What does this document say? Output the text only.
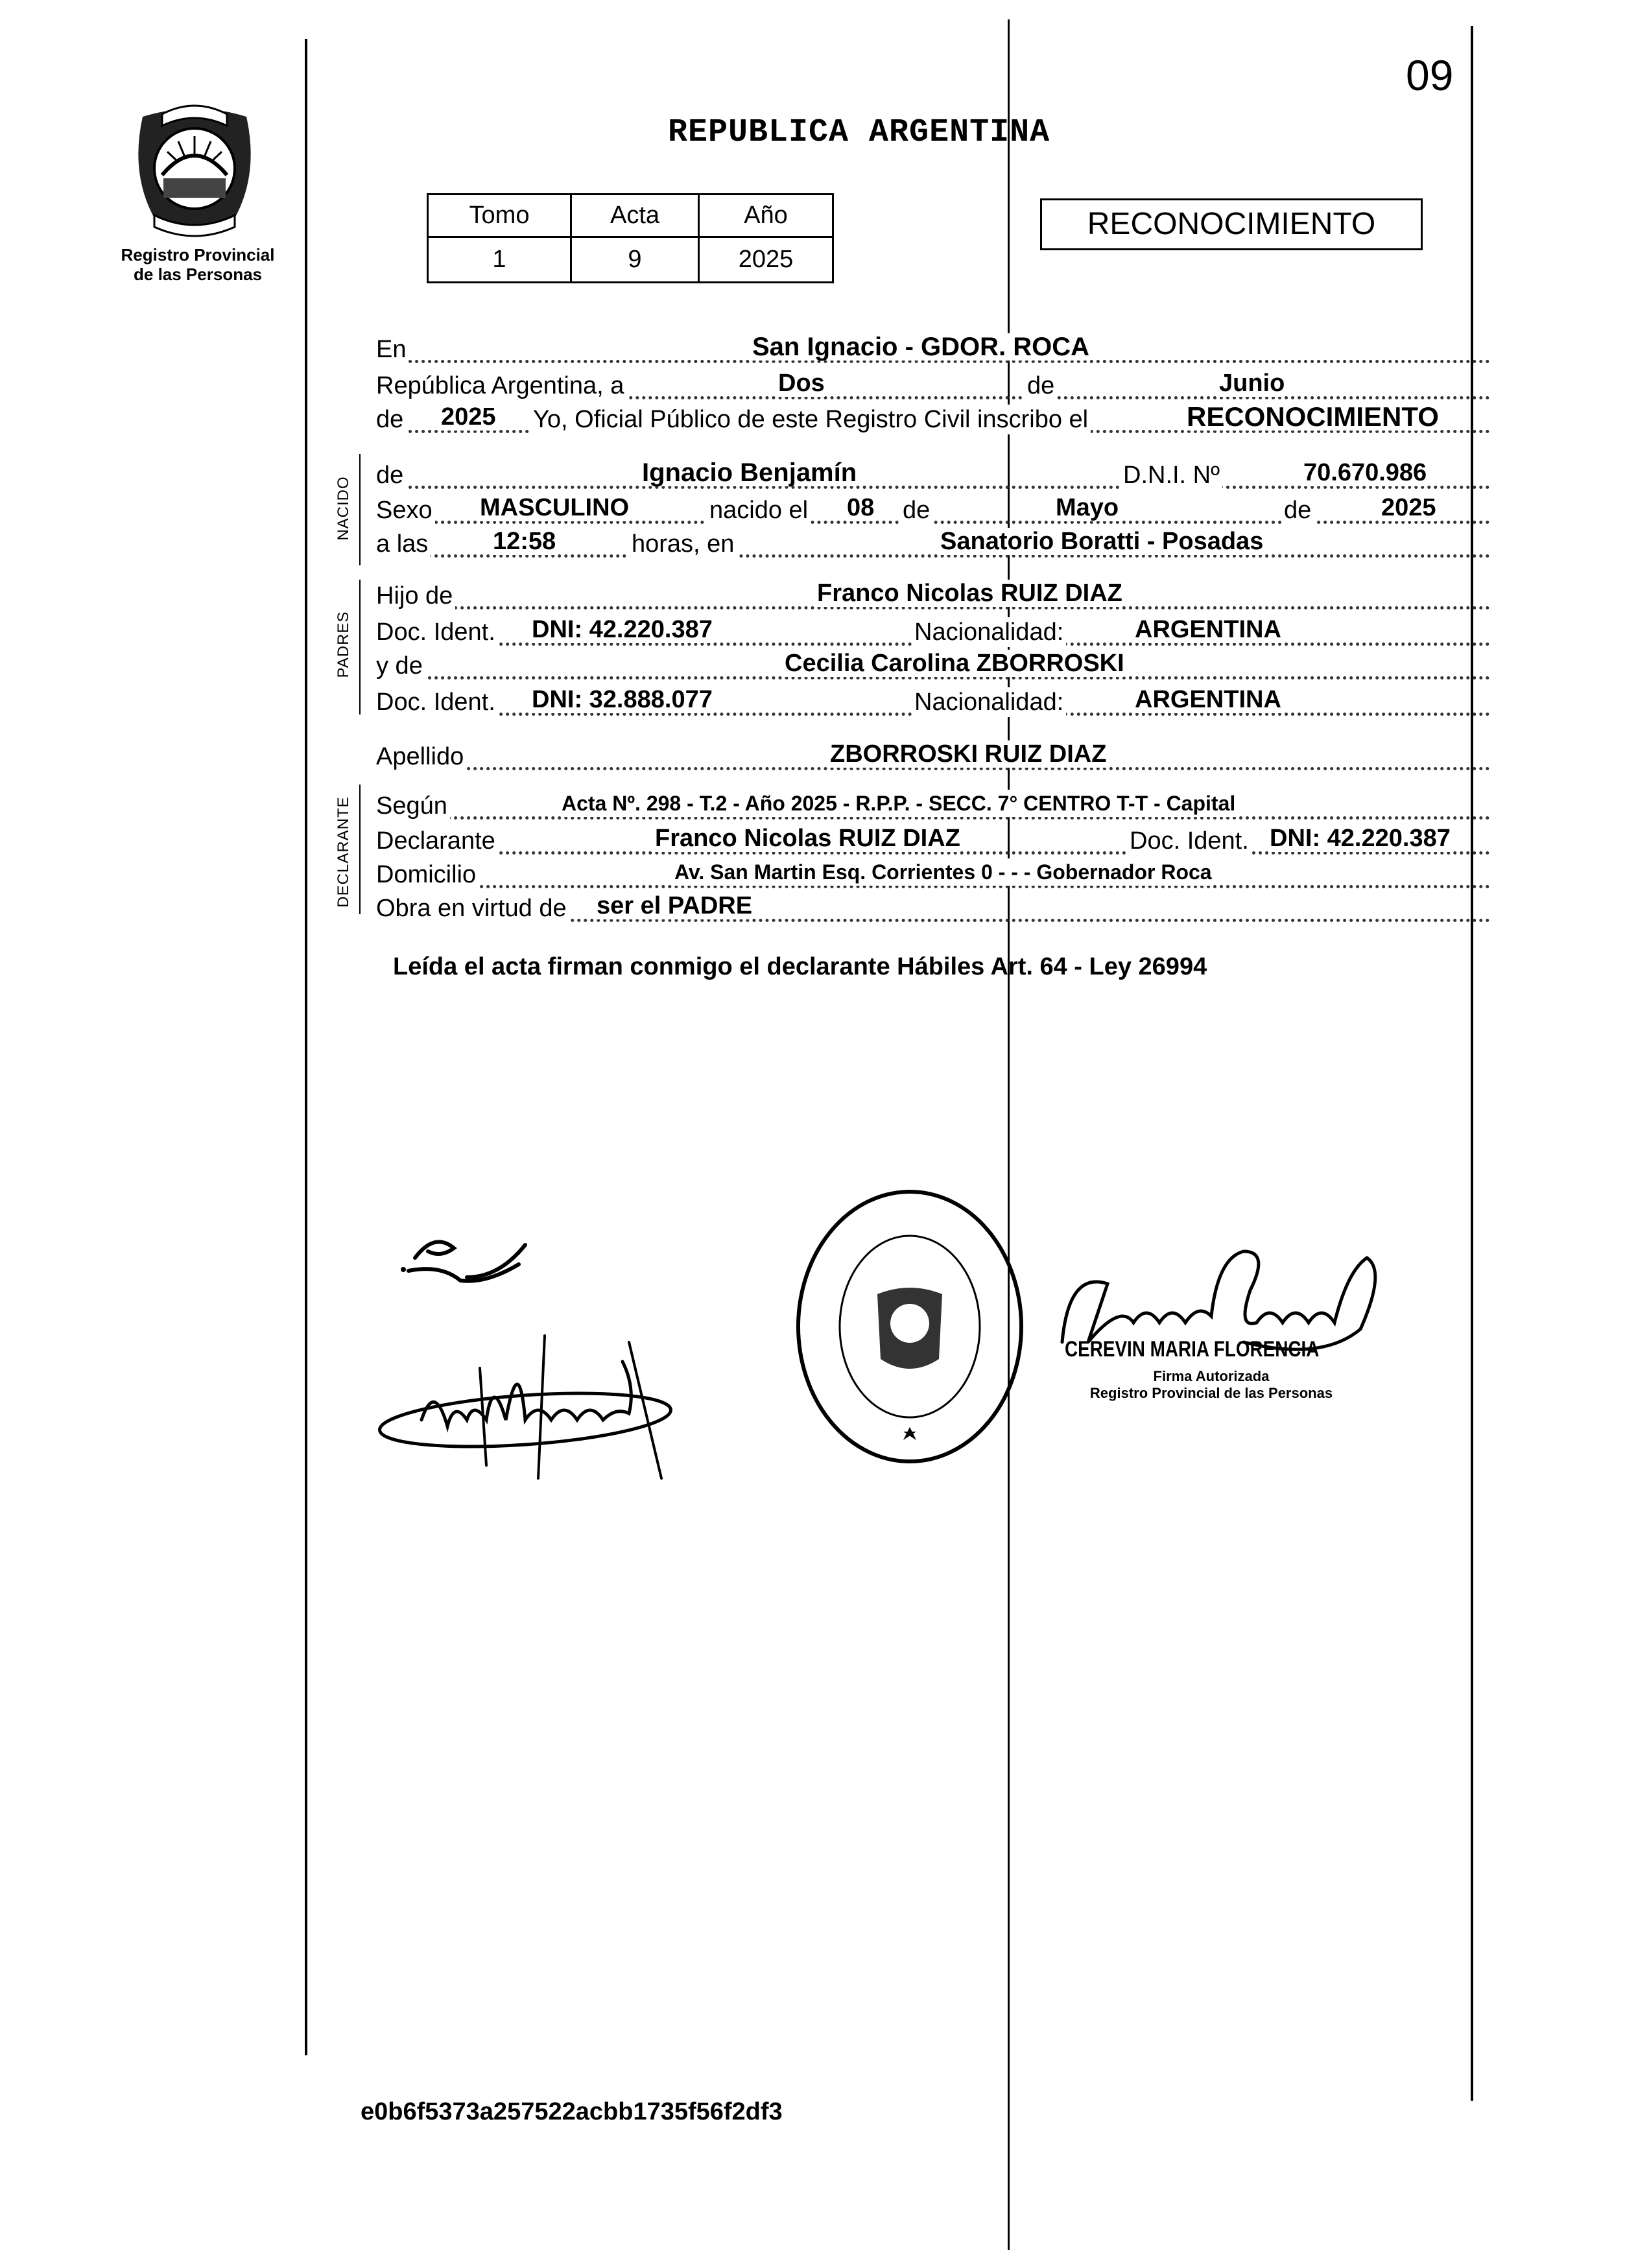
09
Registro Provincial
de las Personas
REPUBLICA ARGENTINA
Tomo	Acta	Año
1	9	2025
RECONOCIMIENTO
NACIDO
PADRES
DECLARANTE
En	San Ignacio - GDOR. ROCA
República Argentina, a	Dos	de	Junio
de 2025 Yo, Oficial Público de este Registro Civil inscribo el	RECONOCIMIENTO
de	Ignacio Benjamín	D.N.I. Nº	70.670.986
Sexo MASCULINO	nacido el 08 de	Mayo	de	2025
a las	12:58	horas, en	Sanatorio Boratti - Posadas
Hijo de	Franco Nicolas RUIZ DIAZ
Doc. Ident. DNI: 42.220.387	Nacionalidad:	ARGENTINA
y de	Cecilia Carolina ZBORROSKI
Doc. Ident. DNI: 32.888.077	Nacionalidad:	ARGENTINA
Apellido	ZBORROSKI RUIZ DIAZ
Según	Acta Nº. 298 - T.2 - Año 2025 - R.P.P. - SECC. 7° CENTRO T-T - Capital
Declarante	Franco Nicolas RUIZ DIAZ	Doc. Ident. DNI: 42.220.387
Domicilio	Av. San Martin Esq. Corrientes 0 - - - Gobernador Roca
Obra en virtud de ser el PADRE
Leída el acta firman conmigo el declarante Hábiles Art. 64 - Ley 26994
CEREVIN MARIA FLORENCIA
Firma Autorizada
Registro Provincial de las Personas
e0b6f5373a257522acbb1735f56f2df3
